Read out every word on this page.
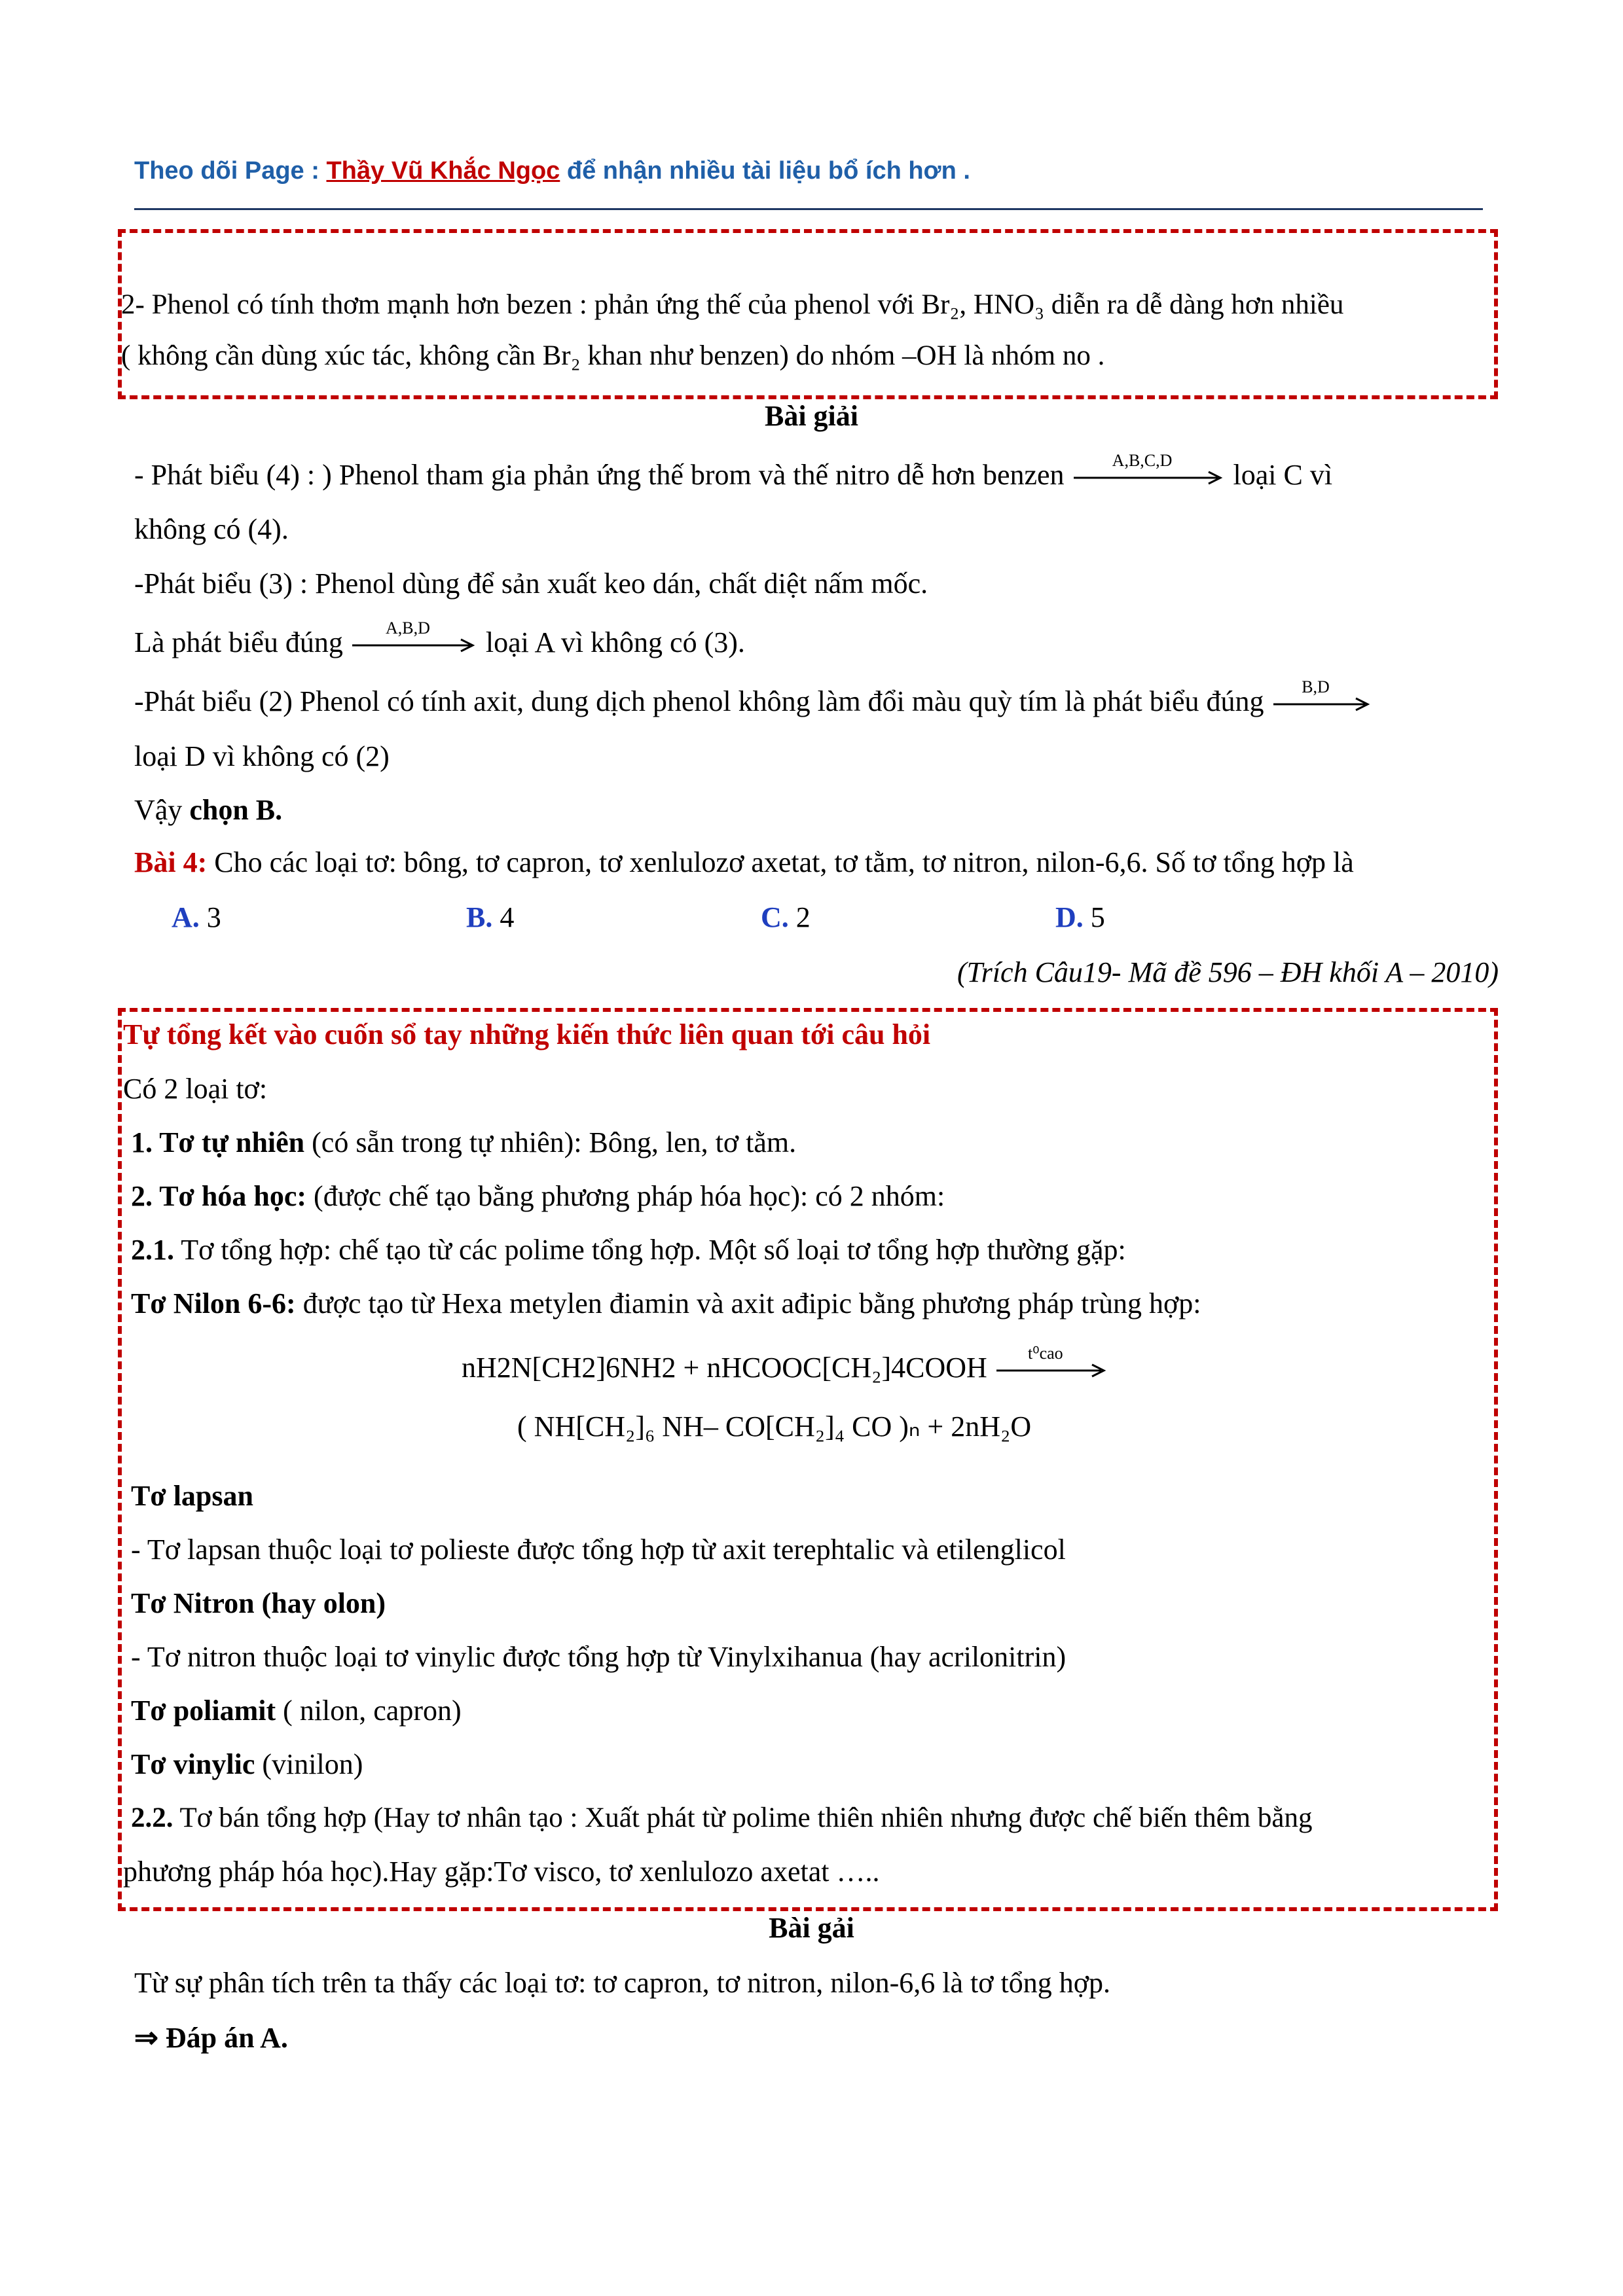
Theo dõi Page : Thầy Vũ Khắc Ngọc để nhận nhiều tài liệu bổ ích hơn .
2- Phenol có tính thơm mạnh hơn bezen : phản ứng thế của phenol với Br₂, HNO₃ diễn ra dễ dàng hơn nhiều
( không cần dùng xúc tác, không cần Br₂ khan như benzen) do nhóm –OH là nhóm no .
Bài giải
- Phát biểu (4) : ) Phenol tham gia phản ứng thế brom và thế nitro dễ hơn benzen	A,B,C,D	loại C vì
không có (4).
-Phát biểu (3) : Phenol dùng để sản xuất keo dán, chất diệt nấm mốc.
Là phát biểu đúng	A,B,D	loại A vì không có (3).
-Phát biểu (2) Phenol có tính axit, dung dịch phenol không làm đổi màu quỳ tím là phát biểu đúng	B,D
loại D vì không có (2)
Vậy chọn B.
Bài 4: Cho các loại tơ: bông, tơ capron, tơ xenlulozơ axetat, tơ tằm, tơ nitron, nilon-6,6. Số tơ tổng hợp là
A. 3	B. 4	C. 2	D. 5
(Trích Câu19- Mã đề 596 – ĐH khối A – 2010)
Tự tổng kết vào cuốn sổ tay những kiến thức liên quan tới câu hỏi
Có 2 loại tơ:
1. Tơ tự nhiên (có sẵn trong tự nhiên): Bông, len, tơ tằm.
2. Tơ hóa học: (được chế tạo bằng phương pháp hóa học): có 2 nhóm:
2.1. Tơ tổng hợp: chế tạo từ các polime tổng hợp. Một số loại tơ tổng hợp thường gặp:
Tơ Nilon 6-6: được tạo từ Hexa metylen điamin và axit ađipic bằng phương pháp trùng hợp:
nH2N[CH2]6NH2 + nHCOOC[CH₂]4COOH	t⁰cao
( NH[CH₂]₆ NH– CO[CH₂]₄ CO )ₙ + 2nH₂O
Tơ lapsan
- Tơ lapsan thuộc loại tơ polieste được tổng hợp từ axit terephtalic và etilenglicol
Tơ Nitron (hay olon)
- Tơ nitron thuộc loại tơ vinylic được tổng hợp từ Vinylxihanua (hay acrilonitrin)
Tơ poliamit ( nilon, capron)
Tơ vinylic (vinilon)
2.2. Tơ bán tổng hợp (Hay tơ nhân tạo : Xuất phát từ polime thiên nhiên nhưng được chế biến thêm bằng
phương pháp hóa học).Hay gặp:Tơ visco, tơ xenlulozo axetat …..
Bài gải
Từ sự phân tích trên ta thấy các loại tơ: tơ capron, tơ nitron, nilon-6,6 là tơ tổng hợp.
⇒ Đáp án A.
